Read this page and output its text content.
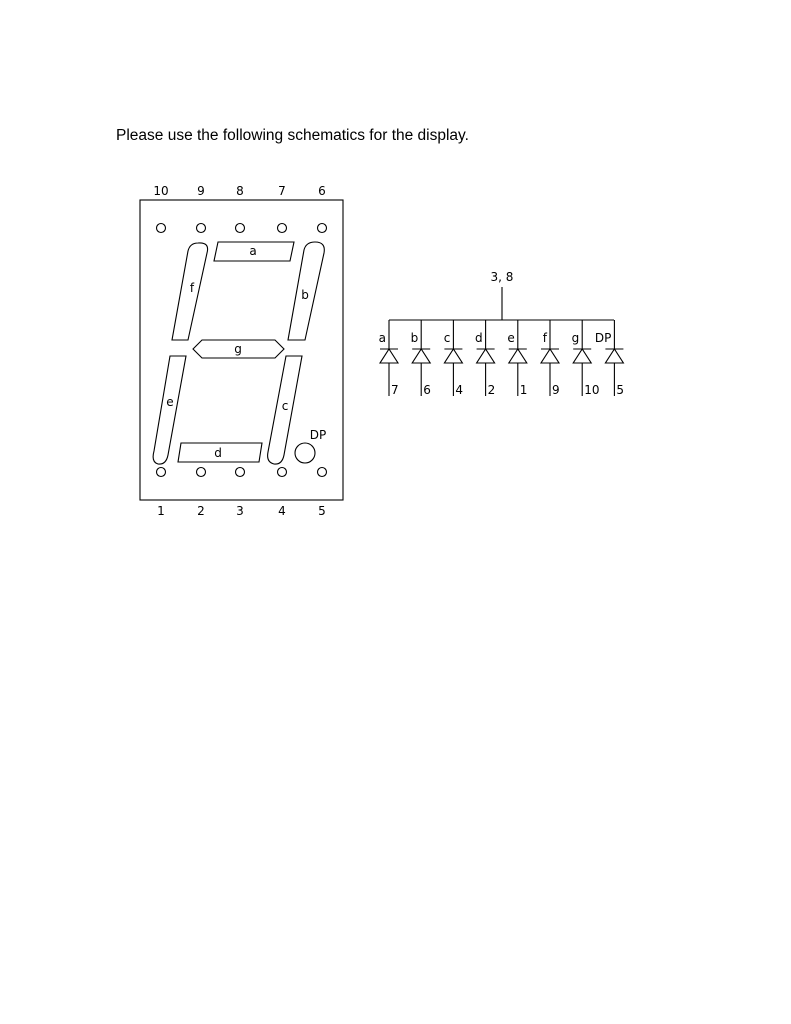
Please use the following schematics for the display.
10 9	8	7	6
1	2	3	4	5
a
b
f
g
e	c
d
DP
3, 8
a
7
b
6
c
4
d
2
e
1
f
9
g
10
DP
5
